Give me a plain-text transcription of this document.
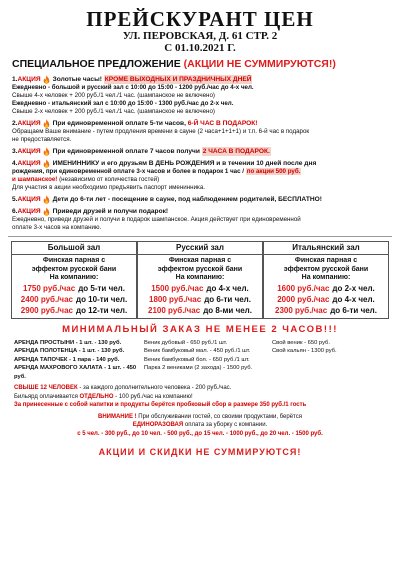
ПРЕЙСКУРАНТ ЦЕН
УЛ. ПЕРОВСКАЯ, Д. 61 СТР. 2
С 01.10.2021 Г.
СПЕЦИАЛЬНОЕ ПРЕДЛОЖЕНИЕ (АКЦИИ НЕ СУММИРУЮТСЯ!)
1. АКЦИЯ Золотые часы!
КРОМЕ ВЫХОДНЫХ И ПРАЗДНИЧНЫХ ДНЕЙ
Ежедневно - большой и русский зал с 10:00 до 15:00 - 1200 руб./час до 4-х чел.
Свыше 4-х человек + 200 руб./1 чел./1 час. (шампанское не включено)
Ежедневно - итальянский зал с 10:00 до 15:00 - 1300 руб./час до 2-х чел.
Свыше 2-х человек + 200 руб./1 чел./1 час. (шампанское не включено)
2. АКЦИЯ При единовременной оплате 5-ти часов,
6-Й ЧАС В ПОДАРОК!
Обращаем Ваше внимание - путем продления времени в сауне (2 часа+1+1+1) и т.п. 6-й час в подарок
не предоставляется.
3. АКЦИЯ При единовременной оплате 7 часов получи
2 ЧАСА В ПОДАРОК.
4. АКЦИЯ ИМЕНИННИКУ и его друзьям В ДЕНЬ РОЖДЕНИЯ и в течении 10 дней после дня
рождения, при единовременной оплате 3-х часов и более в подарок 1 час / по акции 500 руб.
и шампанское! (независимо от количества гостей)
Для участия в акции необходимо предъявить паспорт именинника.
5. АКЦИЯ Дети до 6-ти лет - посещение в сауне, под наблюдением родителей, БЕСПЛАТНО!
6. АКЦИЯ Приведи друзей и получи подарок!
Ежедневно, приведи друзей и получи в подарок шампанское. Акция действует при единовременной
оплате 3-х часов на компанию.
Большой зал
Финская парная с
эффектом русской бани
На компанию:
1750 руб./час до 5-ти чел.
2400 руб./час до 10-ти чел.
2900 руб./час до 12-ти чел.
Русский зал
Финская парная с
эффектом русской бани
На компанию:
1500 руб./час до 4-х чел.
1800 руб./час до 6-ти чел.
2100 руб./час до 8-ми чел.
Итальянский зал
Финская парная с
эффектом русской бани
На компанию:
1600 руб./час до 2-х чел.
2000 руб./час до 4-х чел.
2300 руб./час до 6-ти чел.
МИНИМАЛЬНЫЙ ЗАКАЗ НЕ МЕНЕЕ 2 ЧАСОВ!!!
АРЕНДА ПРОСТЫНИ - 1 шт. - 130 руб.
АРЕНДА ПОЛОТЕНЦА - 1 шт. - 130 руб.
АРЕНДА ТАПОЧЕК - 1 пара - 140 руб.
АРЕНДА МАХРОВОГО ХАЛАТА - 1 шт. - 450 руб.
Веник дубовый - 650 руб./1 шт.
Веник бамбуковый мал. - 450 руб./1 шт.
Веник бамбуковый бол. - 650 руб./1 шт.
Парка 2 вениками (2 захода) - 1500 руб.
Свой веник - 650 руб.
Свой кальян - 1300 руб.
СВЫШЕ 12 ЧЕЛОВЕК - за каждого дополнительного человека - 200 руб./час.
Бильярд оплачивается ОТДЕЛЬНО - 100 руб./час на компанию!
За принесенные с собой напитки и продукты берётся пробковый сбор в размере 350 руб./1 гость
ВНИМАНИЕ ! При обслуживании гостей, со своими продуктами, берётся
ЕДИНОРАЗОВАЯ оплата за уборку с компании.
с 5 чел. - 300 руб., до 10 чел. - 500 руб., до 15 чел. - 1000 руб., до 20 чел. - 1500 руб.
АКЦИИ И СКИДКИ НЕ СУММИРУЮТСЯ!
